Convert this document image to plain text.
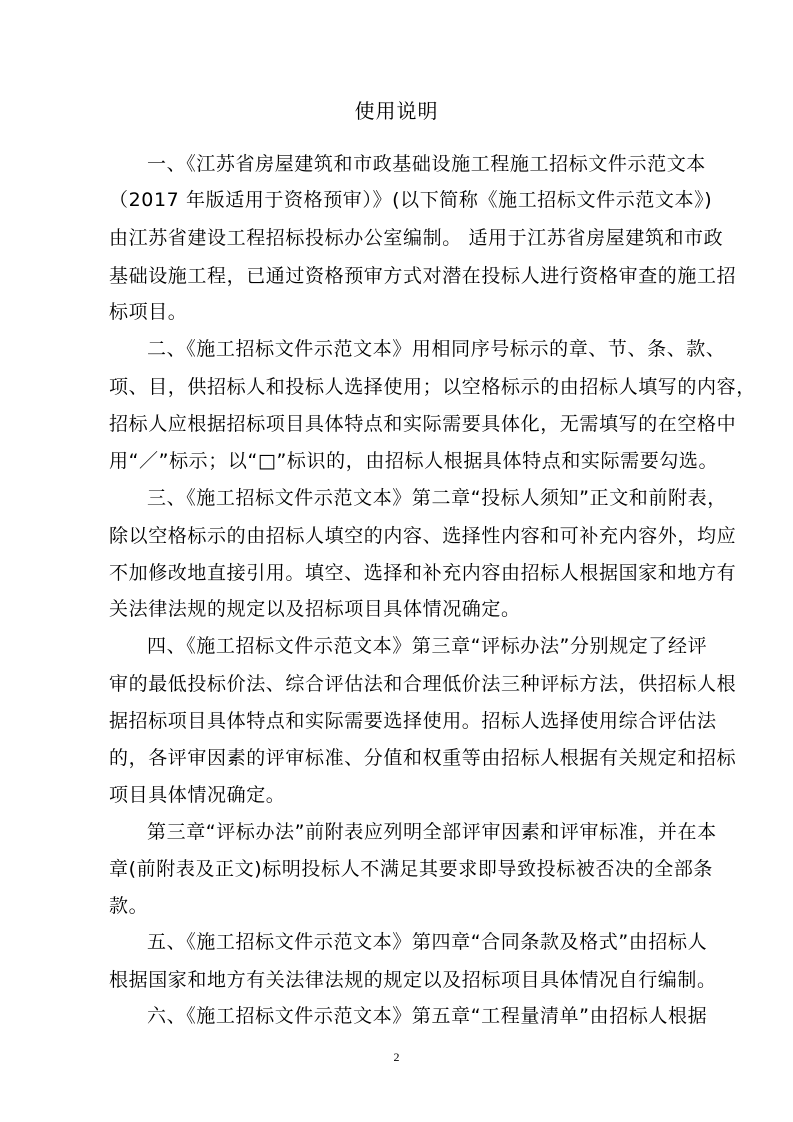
使用说明
一、《江苏省房屋建筑和市政基础设施工程施工招标文件示范文本
（2017 年版适用于资格预审）》(以下简称《施工招标文件示范文本》)
由江苏省建设工程招标投标办公室编制。 适用于江苏省房屋建筑和市政
基础设施工程，已通过资格预审方式对潜在投标人进行资格审查的施工招
标项目。
二、《施工招标文件示范文本》用相同序号标示的章、节、条、款、
项、目，供招标人和投标人选择使用；以空格标示的由招标人填写的内容，
招标人应根据招标项目具体特点和实际需要具体化，无需填写的在空格中
用“／”标示；以“□”标识的，由招标人根据具体特点和实际需要勾选。
三、《施工招标文件示范文本》第二章“投标人须知”正文和前附表，
除以空格标示的由招标人填空的内容、选择性内容和可补充内容外，均应
不加修改地直接引用。填空、选择和补充内容由招标人根据国家和地方有
关法律法规的规定以及招标项目具体情况确定。
四、《施工招标文件示范文本》第三章“评标办法”分别规定了经评
审的最低投标价法、综合评估法和合理低价法三种评标方法，供招标人根
据招标项目具体特点和实际需要选择使用。招标人选择使用综合评估法
的，各评审因素的评审标准、分值和权重等由招标人根据有关规定和招标
项目具体情况确定。
第三章“评标办法”前附表应列明全部评审因素和评审标准，并在本
章(前附表及正文)标明投标人不满足其要求即导致投标被否决的全部条
款。
五、《施工招标文件示范文本》第四章“合同条款及格式”由招标人
根据国家和地方有关法律法规的规定以及招标项目具体情况自行编制。
六、《施工招标文件示范文本》第五章“工程量清单”由招标人根据
2
